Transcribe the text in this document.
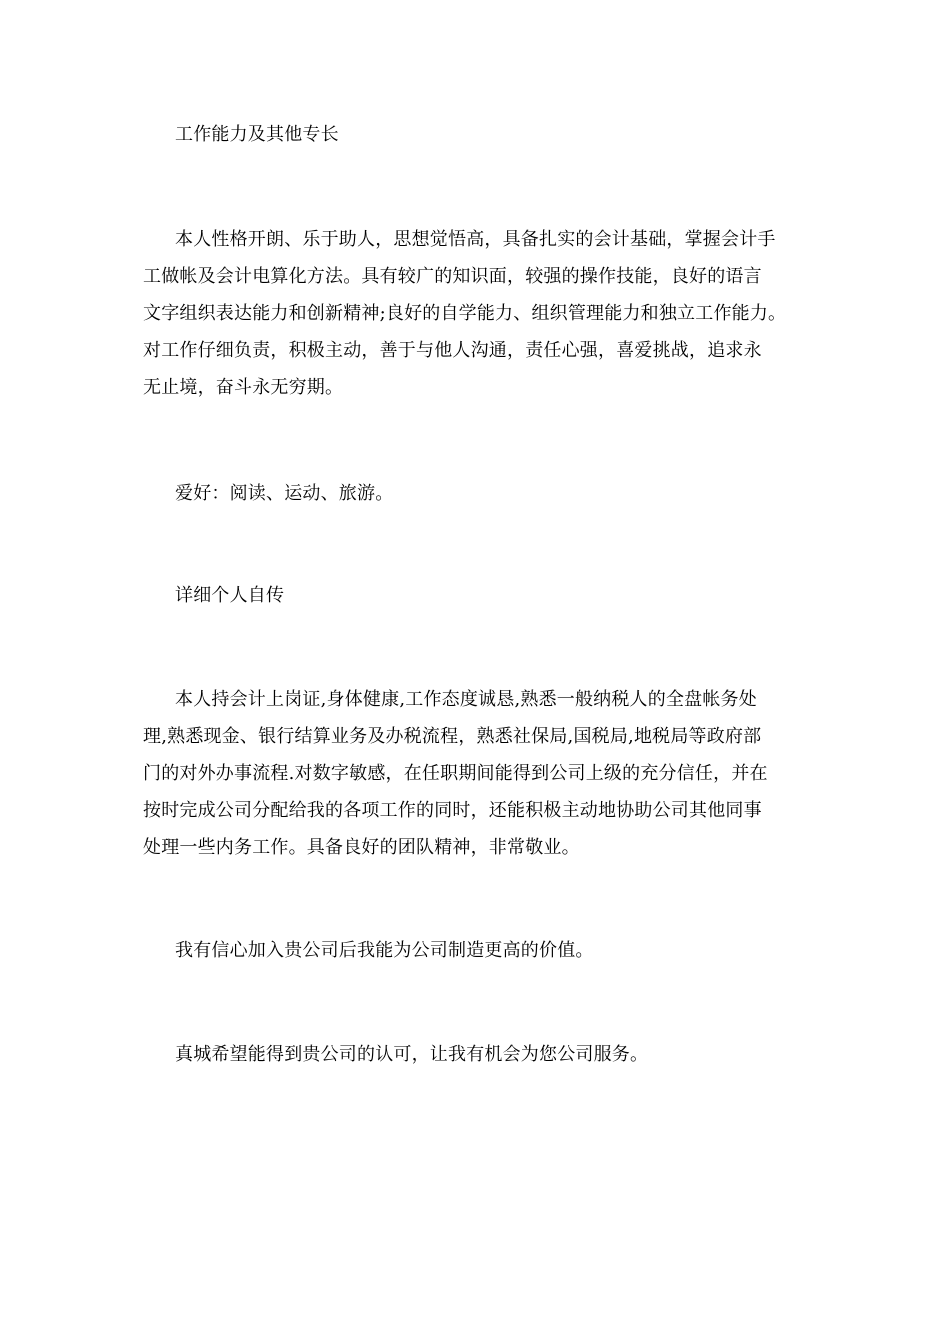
工作能力及其他专长

本人性格开朗、乐于助人，思想觉悟高，具备扎实的会计基础，掌握会计手
工做帐及会计电算化方法。具有较广的知识面，较强的操作技能，良好的语言
文字组织表达能力和创新精神;良好的自学能力、组织管理能力和独立工作能力。
对工作仔细负责，积极主动，善于与他人沟通，责任心强，喜爱挑战，追求永
无止境，奋斗永无穷期。

爱好：阅读、运动、旅游。

详细个人自传

本人持会计上岗证,身体健康,工作态度诚恳,熟悉一般纳税人的全盘帐务处
理,熟悉现金、银行结算业务及办税流程，熟悉社保局,国税局,地税局等政府部
门的对外办事流程.对数字敏感，在任职期间能得到公司上级的充分信任，并在
按时完成公司分配给我的各项工作的同时，还能积极主动地协助公司其他同事
处理一些内务工作。具备良好的团队精神，非常敬业。

我有信心加入贵公司后我能为公司制造更高的价值。

真城希望能得到贵公司的认可，让我有机会为您公司服务。
